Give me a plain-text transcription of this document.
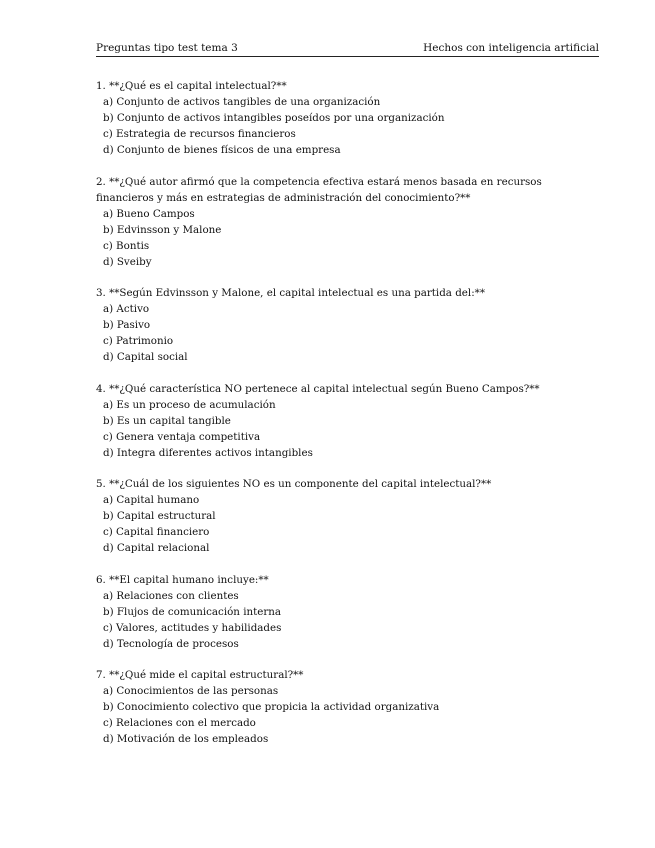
Preguntas tipo test tema 3	Hechos con inteligencia artificial

1. **¿Qué es el capital intelectual?**

a) Conjunto de activos tangibles de una organización
b) Conjunto de activos intangibles poseídos por una organización
c) Estrategia de recursos financieros
d) Conjunto de bienes físicos de una empresa

2. **¿Qué autor afirmó que la competencia efectiva estará menos basada en recursos financieros y más en estrategias de administración del conocimiento?**

a) Bueno Campos
b) Edvinsson y Malone
c) Bontis
d) Sveiby

3. **Según Edvinsson y Malone, el capital intelectual es una partida del:**

a) Activo
b) Pasivo
c) Patrimonio
d) Capital social

4. **¿Qué característica NO pertenece al capital intelectual según Bueno Campos?**

a) Es un proceso de acumulación
b) Es un capital tangible
c) Genera ventaja competitiva
d) Integra diferentes activos intangibles

5. **¿Cuál de los siguientes NO es un componente del capital intelectual?**

a) Capital humano
b) Capital estructural
c) Capital financiero
d) Capital relacional

6. **El capital humano incluye:**

a) Relaciones con clientes
b) Flujos de comunicación interna
c) Valores, actitudes y habilidades
d) Tecnología de procesos

7. **¿Qué mide el capital estructural?**

a) Conocimientos de las personas
b) Conocimiento colectivo que propicia la actividad organizativa
c) Relaciones con el mercado
d) Motivación de los empleados
